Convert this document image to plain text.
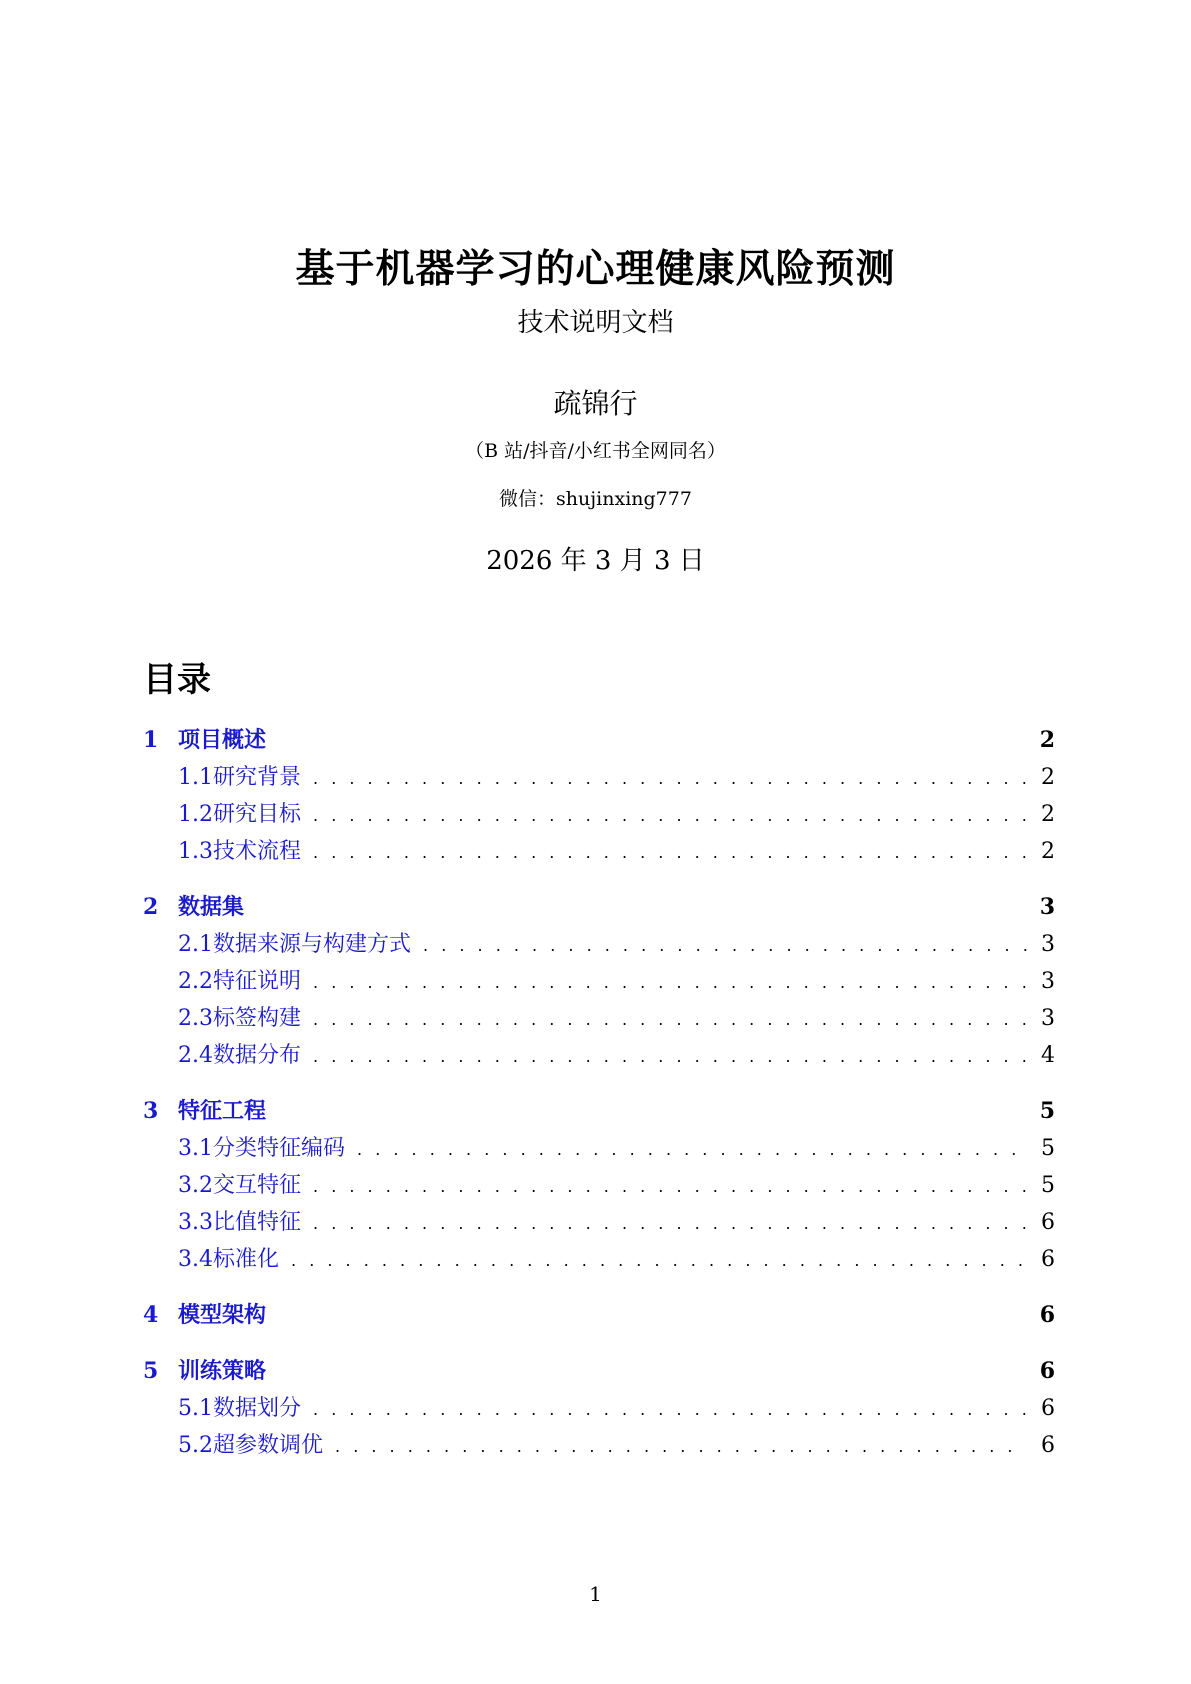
基于机器学习的心理健康风险预测
技术说明文档
疏锦行
（B 站/抖音/小红书全网同名）
微信：shujinxing777
2026 年 3 月 3 日
目录
1 项目概述	2
1.1 研究背景 . . .	2
1.2 研究目标 . . .	2
1.3 技术流程 . . .	2
2 数据集	3
2.1 数据来源与构建方式 . . .	3
2.2 特征说明 . . .	3
2.3 标签构建 . . .	3
2.4 数据分布 . . .	4
3 特征工程	5
3.1 分类特征编码 . . .	5
3.2 交互特征 . . .	5
3.3 比值特征 . . .	6
3.4 标准化 . . .	6
4 模型架构	6
5 训练策略	6
5.1 数据划分 . . .	6
5.2 超参数调优 . . .	6
1
